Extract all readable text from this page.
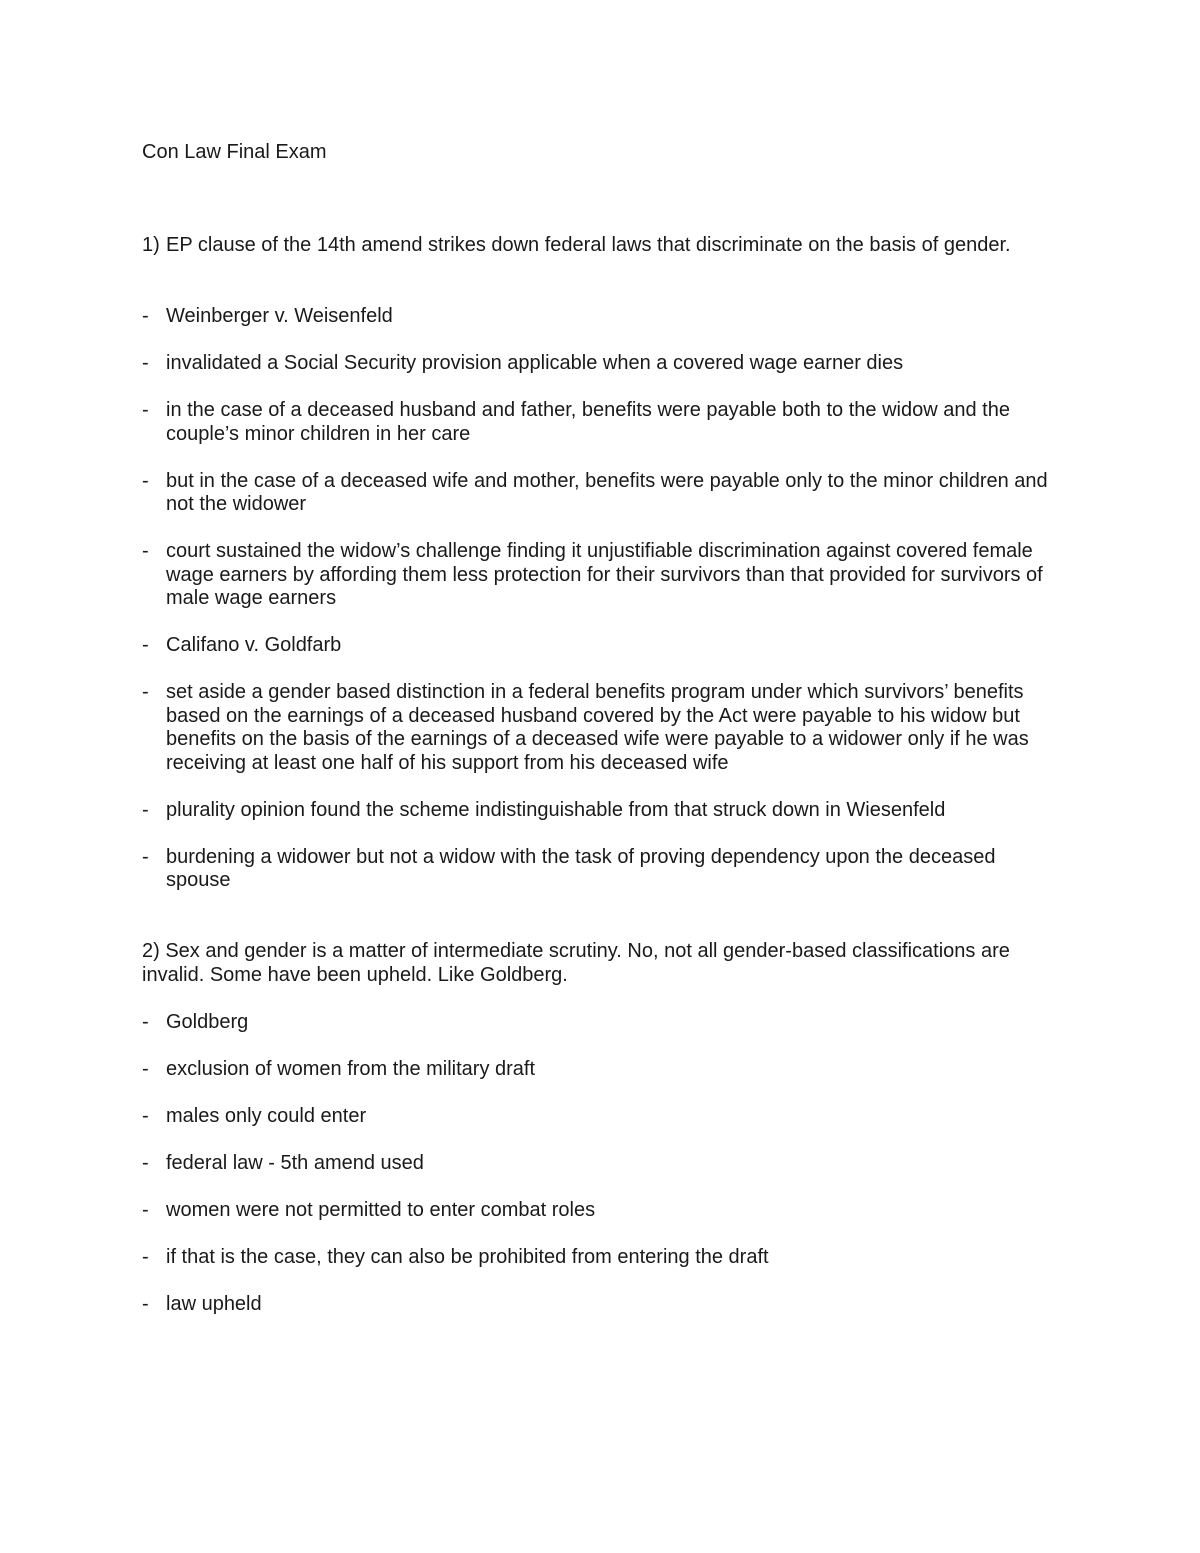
Con Law Final Exam
1) EP clause of the 14th amend strikes down federal laws that discriminate on the basis of gender.
- Weinberger v. Weisenfeld
- invalidated a Social Security provision applicable when a covered wage earner dies
- in the case of a deceased husband and father, benefits were payable both to the widow and the couple’s minor children in her care
- but in the case of a deceased wife and mother, benefits were payable only to the minor children and not the widower
- court sustained the widow’s challenge finding it unjustifiable discrimination against covered female wage earners by affording them less protection for their survivors than that provided for survivors of male wage earners
- Califano v. Goldfarb
- set aside a gender based distinction in a federal benefits program under which survivors’ benefits based on the earnings of a deceased husband covered by the Act were payable to his widow but benefits on the basis of the earnings of a deceased wife were payable to a widower only if he was receiving at least one half of his support from his deceased wife
- plurality opinion found the scheme indistinguishable from that struck down in Wiesenfeld
- burdening a widower but not a widow with the task of proving dependency upon the deceased spouse

2) Sex and gender is a matter of intermediate scrutiny. No, not all gender-based classifications are invalid. Some have been upheld. Like Goldberg.

- Goldberg
- exclusion of women from the military draft
- males only could enter
- federal law - 5th amend used
- women were not permitted to enter combat roles
- if that is the case, they can also be prohibited from entering the draft
- law upheld
